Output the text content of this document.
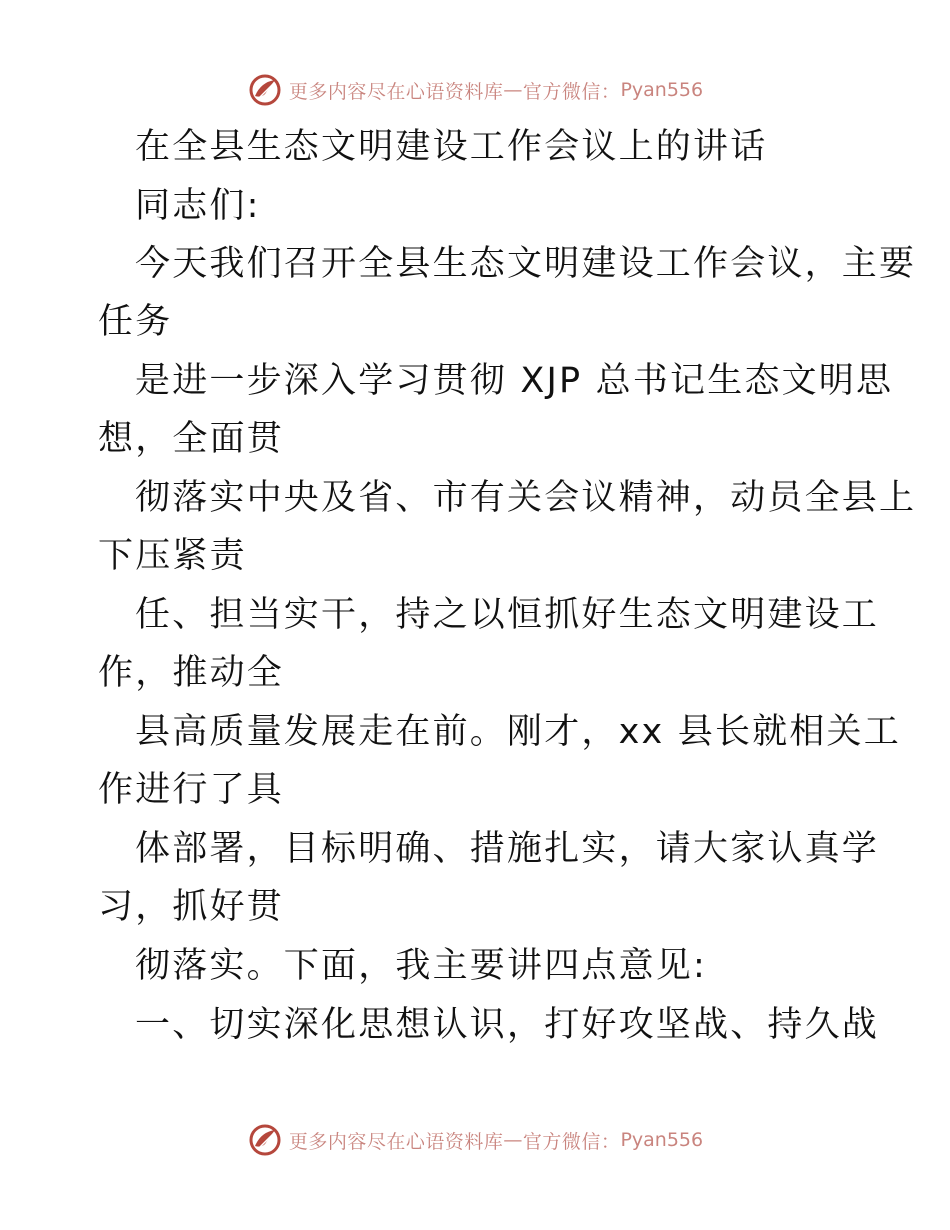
更多内容尽在心语资料库 — 官方微信： Pyan556
在全县生态文明建设工作会议上的讲话
同志们:
今天我们召开全县生态文明建设工作会议，主要
任务
是进一步深入学习贯彻 XJP 总书记生态文明思
想，全面贯
彻落实中央及省、市有关会议精神，动员全县上
下压紧责
任、担当实干，持之以恒抓好生态文明建设工
作，推动全
县高质量发展走在前。刚才，xx 县长就相关工
作进行了具
体部署，目标明确、措施扎实，请大家认真学
习，抓好贯
彻落实。下面，我主要讲四点意见:
一、切实深化思想认识，打好攻坚战、持久战
更多内容尽在心语资料库 — 官方微信： Pyan556
